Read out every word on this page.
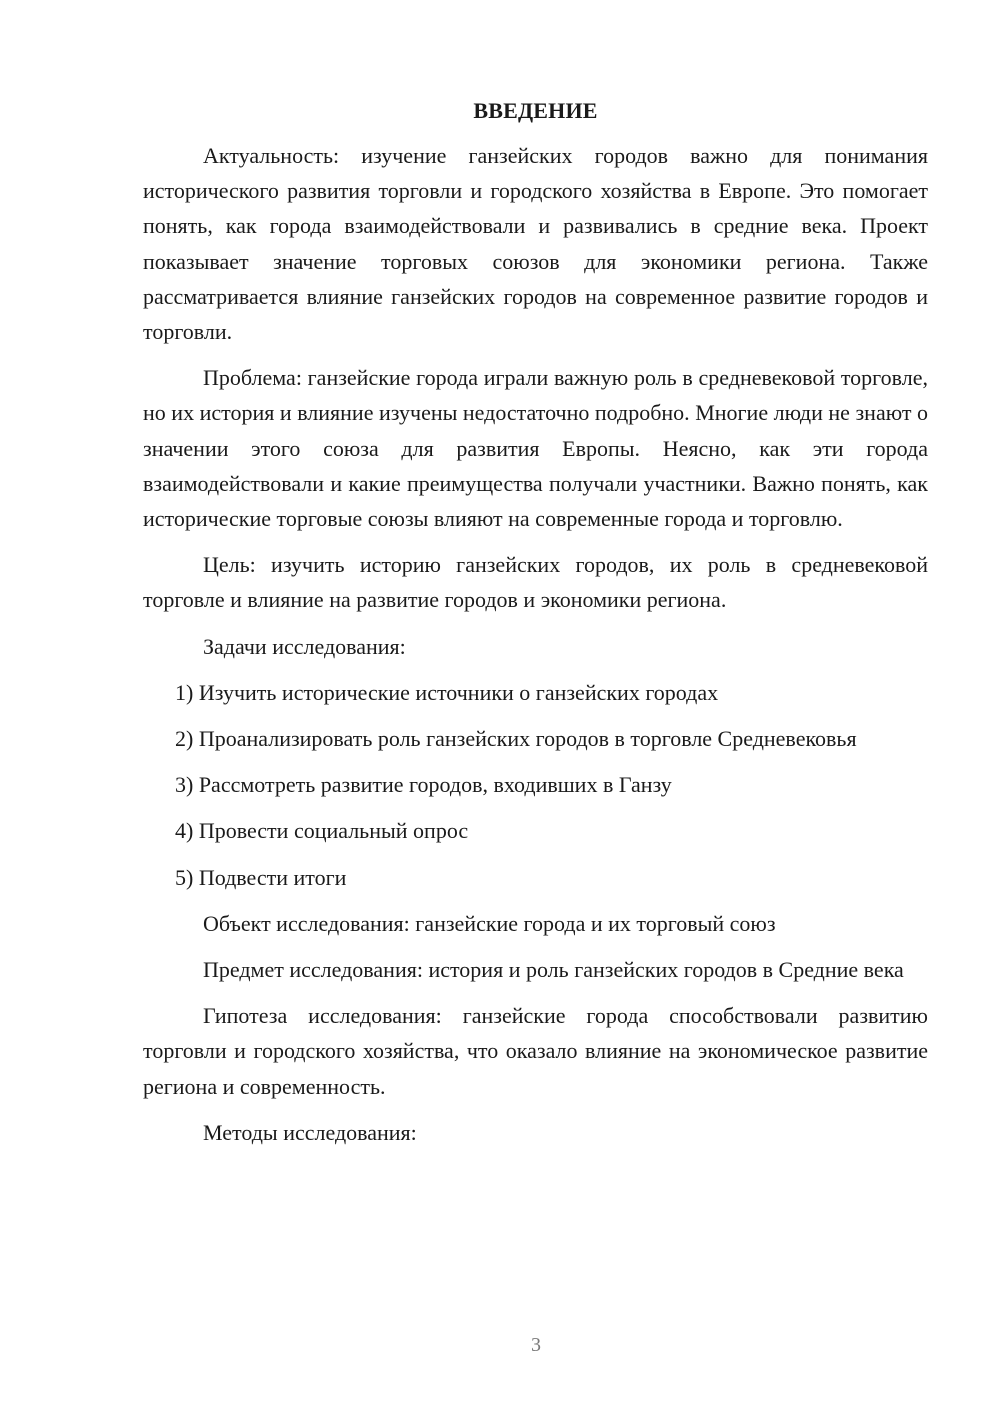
ВВЕДЕНИЕ

Актуальность: изучение ганзейских городов важно для понимания исторического развития торговли и городского хозяйства в Европе. Это помогает понять, как города взаимодействовали и развивались в средние века. Проект показывает значение торговых союзов для экономики региона. Также рассматривается влияние ганзейских городов на современное развитие городов и торговли.

Проблема: ганзейские города играли важную роль в средневековой торговле, но их история и влияние изучены недостаточно подробно. Многие люди не знают о значении этого союза для развития Европы. Неясно, как эти города взаимодействовали и какие преимущества получали участники. Важно понять, как исторические торговые союзы влияют на современные города и торговлю.

Цель: изучить историю ганзейских городов, их роль в средневековой торговле и влияние на развитие городов и экономики региона.

Задачи исследования:

1) Изучить исторические источники о ганзейских городах

2) Проанализировать роль ганзейских городов в торговле Средневековья

3) Рассмотреть развитие городов, входивших в Ганзу

4) Провести социальный опрос

5) Подвести итоги

Объект исследования: ганзейские города и их торговый союз

Предмет исследования: история и роль ганзейских городов в Средние века

Гипотеза исследования: ганзейские города способствовали развитию торговли и городского хозяйства, что оказало влияние на экономическое развитие региона и современность.

Методы исследования:

3
